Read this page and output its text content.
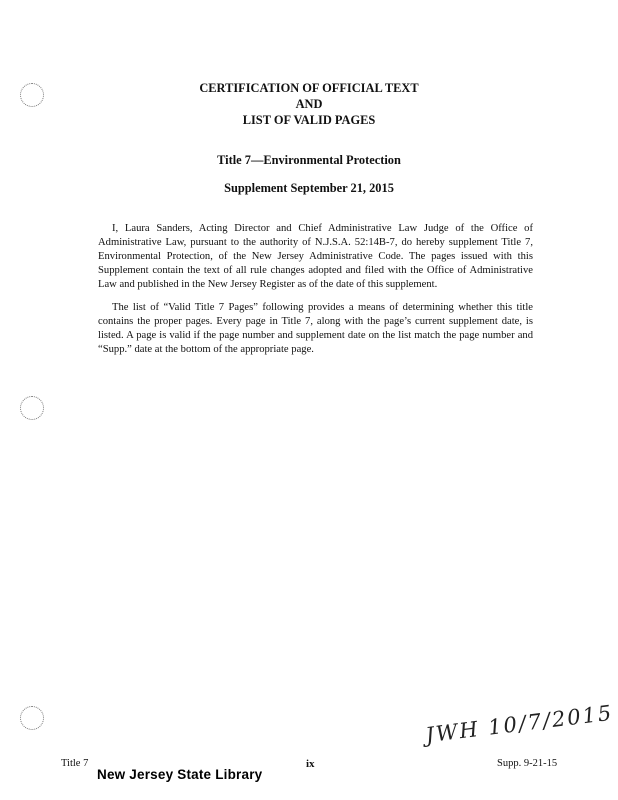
CERTIFICATION OF OFFICIAL TEXT
AND
LIST OF VALID PAGES
Title 7—Environmental Protection
Supplement September 21, 2015

I, Laura Sanders, Acting Director and Chief Administrative Law Judge of the Office of Administrative Law, pursuant to the authority of N.J.S.A. 52:14B-7, do hereby supplement Title 7, Environmental Protection, of the New Jersey Administrative Code. The pages issued with this Supplement contain the text of all rule changes adopted and filed with the Office of Administrative Law and published in the New Jersey Register as of the date of this supplement.

The list of “Valid Title 7 Pages” following provides a means of determining whether this title contains the proper pages. Every page in Title 7, along with the page’s current supplement date, is listed. A page is valid if the page number and supplement date on the list match the page number and “Supp.” date at the bottom of the appropriate page.

JWH 10/7/2015
Title 7	ix	Supp. 9-21-15
New Jersey State Library
